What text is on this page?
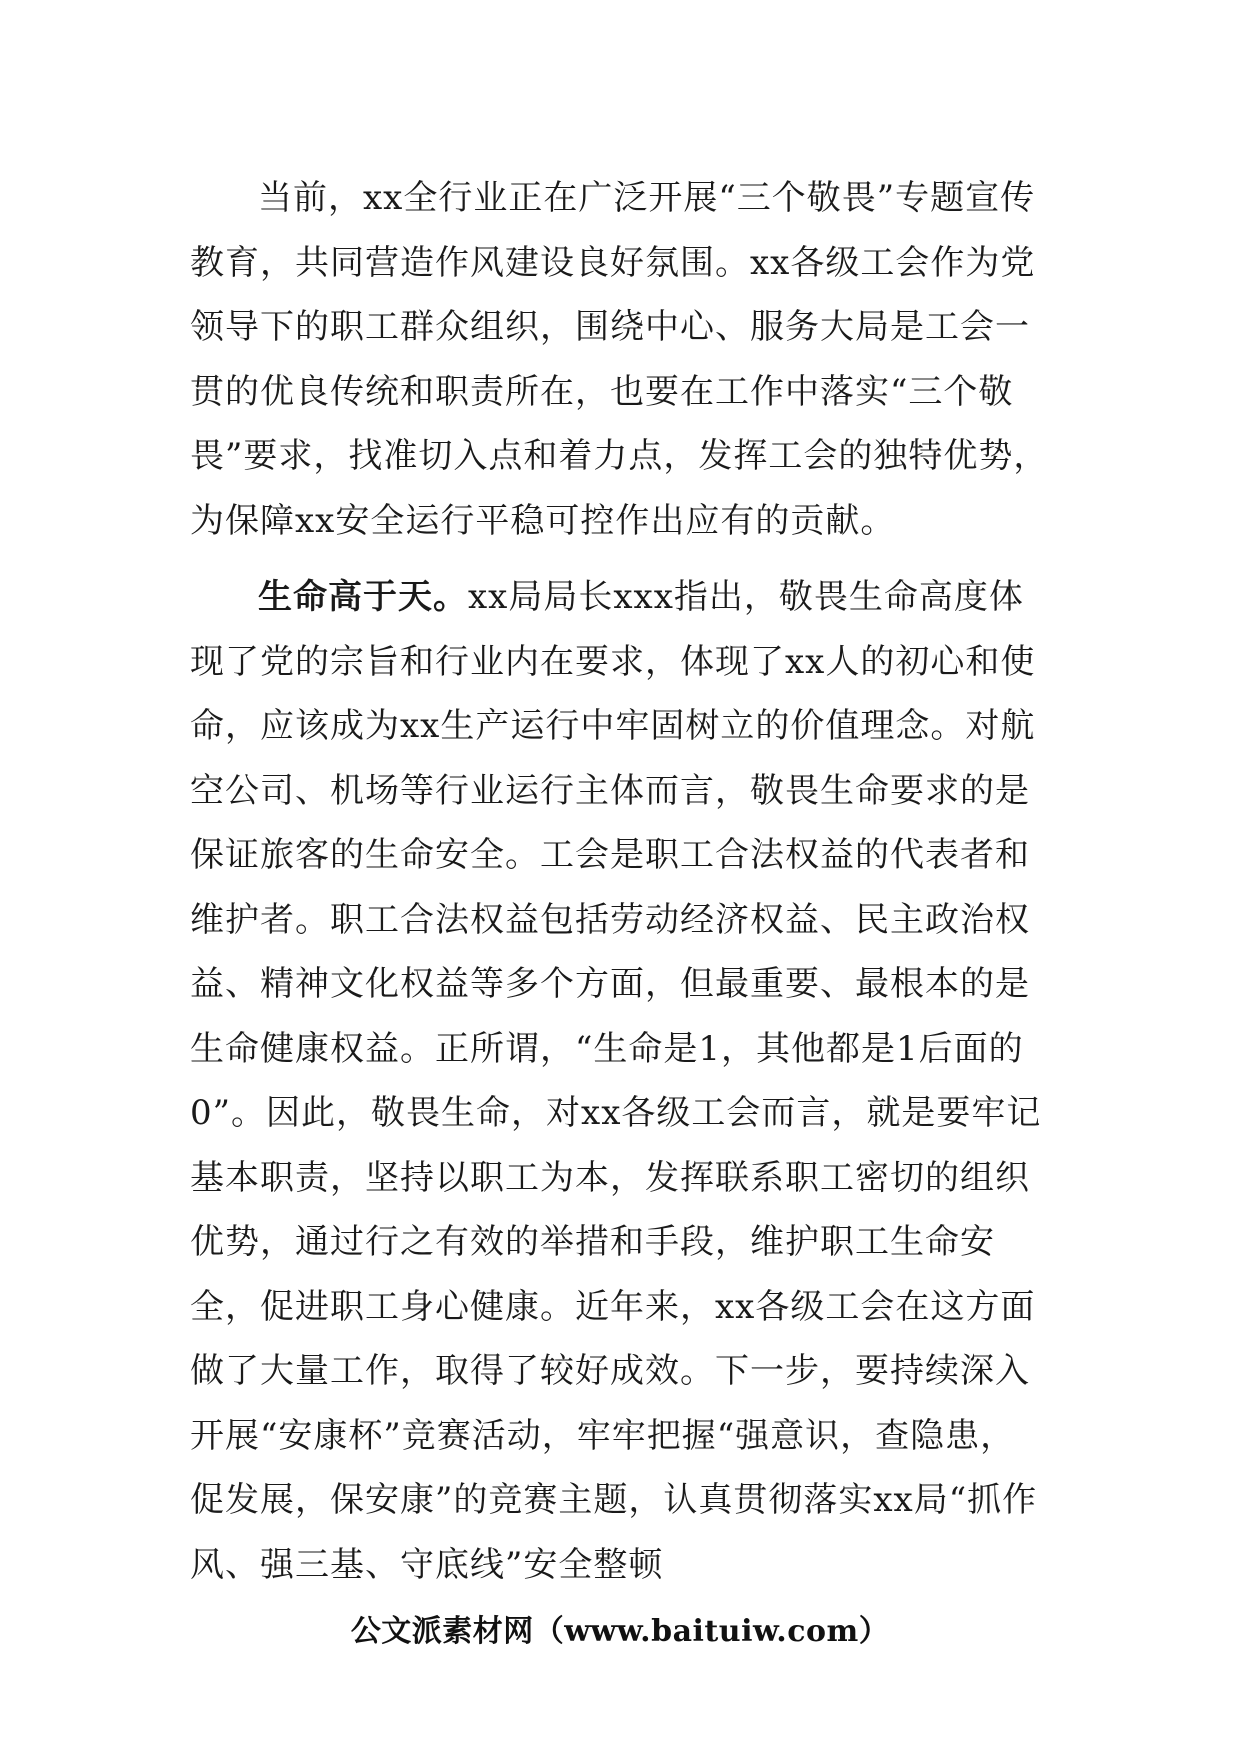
当前，xx全行业正在广泛开展“三个敬畏”专题宣传教育，共同营造作风建设良好氛围。xx各级工会作为党领导下的职工群众组织，围绕中心、服务大局是工会一贯的优良传统和职责所在，也要在工作中落实“三个敬畏”要求，找准切入点和着力点，发挥工会的独特优势，为保障xx安全运行平稳可控作出应有的贡献。

生命高于天。xx局局长xxx指出，敬畏生命高度体现了党的宗旨和行业内在要求，体现了xx人的初心和使命，应该成为xx生产运行中牢固树立的价值理念。对航空公司、机场等行业运行主体而言，敬畏生命要求的是保证旅客的生命安全。工会是职工合法权益的代表者和维护者。职工合法权益包括劳动经济权益、民主政治权益、精神文化权益等多个方面，但最重要、最根本的是生命健康权益。正所谓，“生命是1，其他都是1后面的0”。因此，敬畏生命，对xx各级工会而言，就是要牢记基本职责，坚持以职工为本，发挥联系职工密切的组织优势，通过行之有效的举措和手段，维护职工生命安全，促进职工身心健康。近年来，xx各级工会在这方面做了大量工作，取得了较好成效。下一步，要持续深入开展“安康杯”竞赛活动，牢牢把握“强意识，查隐患，促发展，保安康”的竞赛主题，认真贯彻落实xx局“抓作风、强三基、守底线”安全整顿

公文派素材网（www.baituiw.com）
